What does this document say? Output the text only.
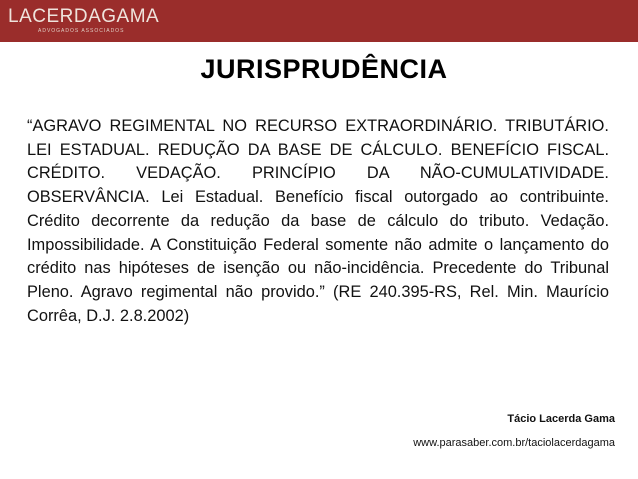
LACERDAGAMA
ADVOGADOS ASSOCIADOS
JURISPRUDÊNCIA

“AGRAVO REGIMENTAL NO RECURSO EXTRAORDINÁRIO. TRIBUTÁRIO. LEI ESTADUAL. REDUÇÃO DA BASE DE CÁLCULO. BENEFÍCIO FISCAL. CRÉDITO. VEDAÇÃO. PRINCÍPIO DA NÃO-CUMULATIVIDADE. OBSERVÂNCIA. Lei Estadual. Benefício fiscal outorgado ao contribuinte. Crédito decorrente da redução da base de cálculo do tributo. Vedação. Impossibilidade. A Constituição Federal somente não admite o lançamento do crédito nas hipóteses de isenção ou não-incidência. Precedente do Tribunal Pleno. Agravo regimental não provido.” (RE 240.395-RS, Rel. Min. Maurício Corrêa, D.J. 2.8.2002)

Tácio Lacerda Gama
www.parasaber.com.br/taciolacerdagama
